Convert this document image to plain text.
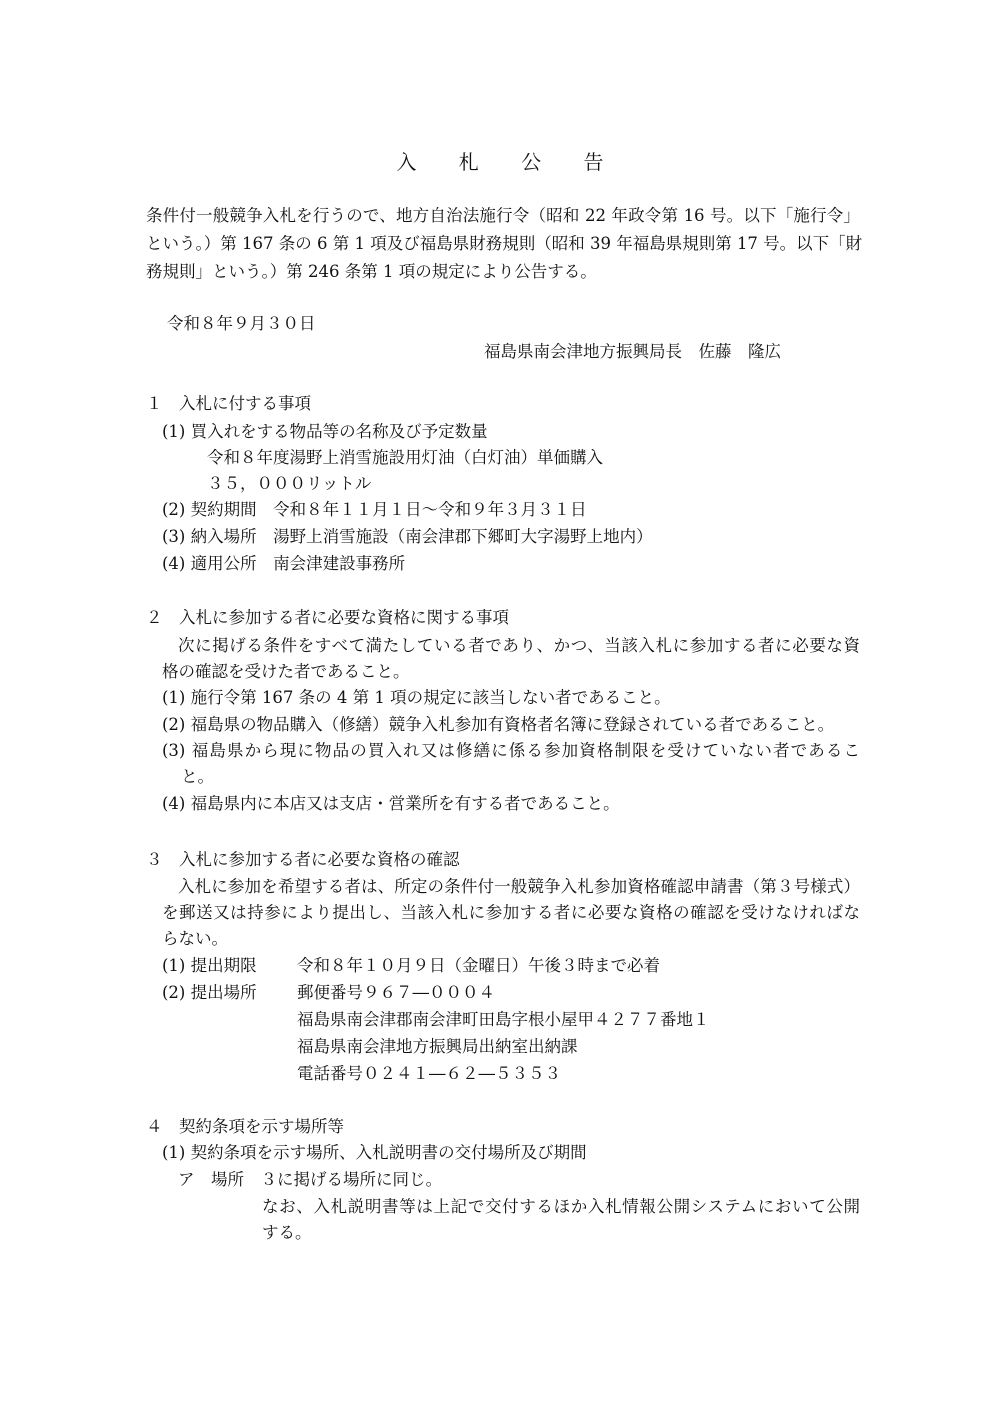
入 札 公 告

条件付一般競争入札を行うので、地方自治法施行令（昭和 22 年政令第 16 号。以下「施行令」

という。）第 167 条の 6 第 1 項及び福島県財務規則（昭和 39 年福島県規則第 17 号。以下「財

務規則」という。）第 246 条第 1 項の規定により公告する。

令和８年９月３０日

福島県南会津地方振興局長　佐藤　隆広

１　入札に付する事項

(1) 買入れをする物品等の名称及び予定数量

令和８年度湯野上消雪施設用灯油（白灯油）単価購入

３５，０００リットル

(2) 契約期間　令和８年１１月１日～令和９年３月３１日

(3) 納入場所　湯野上消雪施設（南会津郡下郷町大字湯野上地内）

(4) 適用公所　南会津建設事務所

２　入札に参加する者に必要な資格に関する事項

次に掲げる条件をすべて満たしている者であり、かつ、当該入札に参加する者に必要な資

格の確認を受けた者であること。

(1) 施行令第 167 条の 4 第 1 項の規定に該当しない者であること。

(2) 福島県の物品購入（修繕）競争入札参加有資格者名簿に登録されている者であること。

(3) 福島県から現に物品の買入れ又は修繕に係る参加資格制限を受けていない者であるこ

と。

(4) 福島県内に本店又は支店・営業所を有する者であること。

３　入札に参加する者に必要な資格の確認

入札に参加を希望する者は、所定の条件付一般競争入札参加資格確認申請書（第３号様式）

を郵送又は持参により提出し、当該入札に参加する者に必要な資格の確認を受けなければな

らない。

(1) 提出期限 令和８年１０月９日（金曜日）午後３時まで必着

(2) 提出場所 郵便番号９６７―０００４

福島県南会津郡南会津町田島字根小屋甲４２７７番地１

福島県南会津地方振興局出納室出納課

電話番号０２４１―６２―５３５３

４　契約条項を示す場所等

(1) 契約条項を示す場所、入札説明書の交付場所及び期間

ア　場所　３に掲げる場所に同じ。

なお、入札説明書等は上記で交付するほか入札情報公開システムにおいて公開

する。
